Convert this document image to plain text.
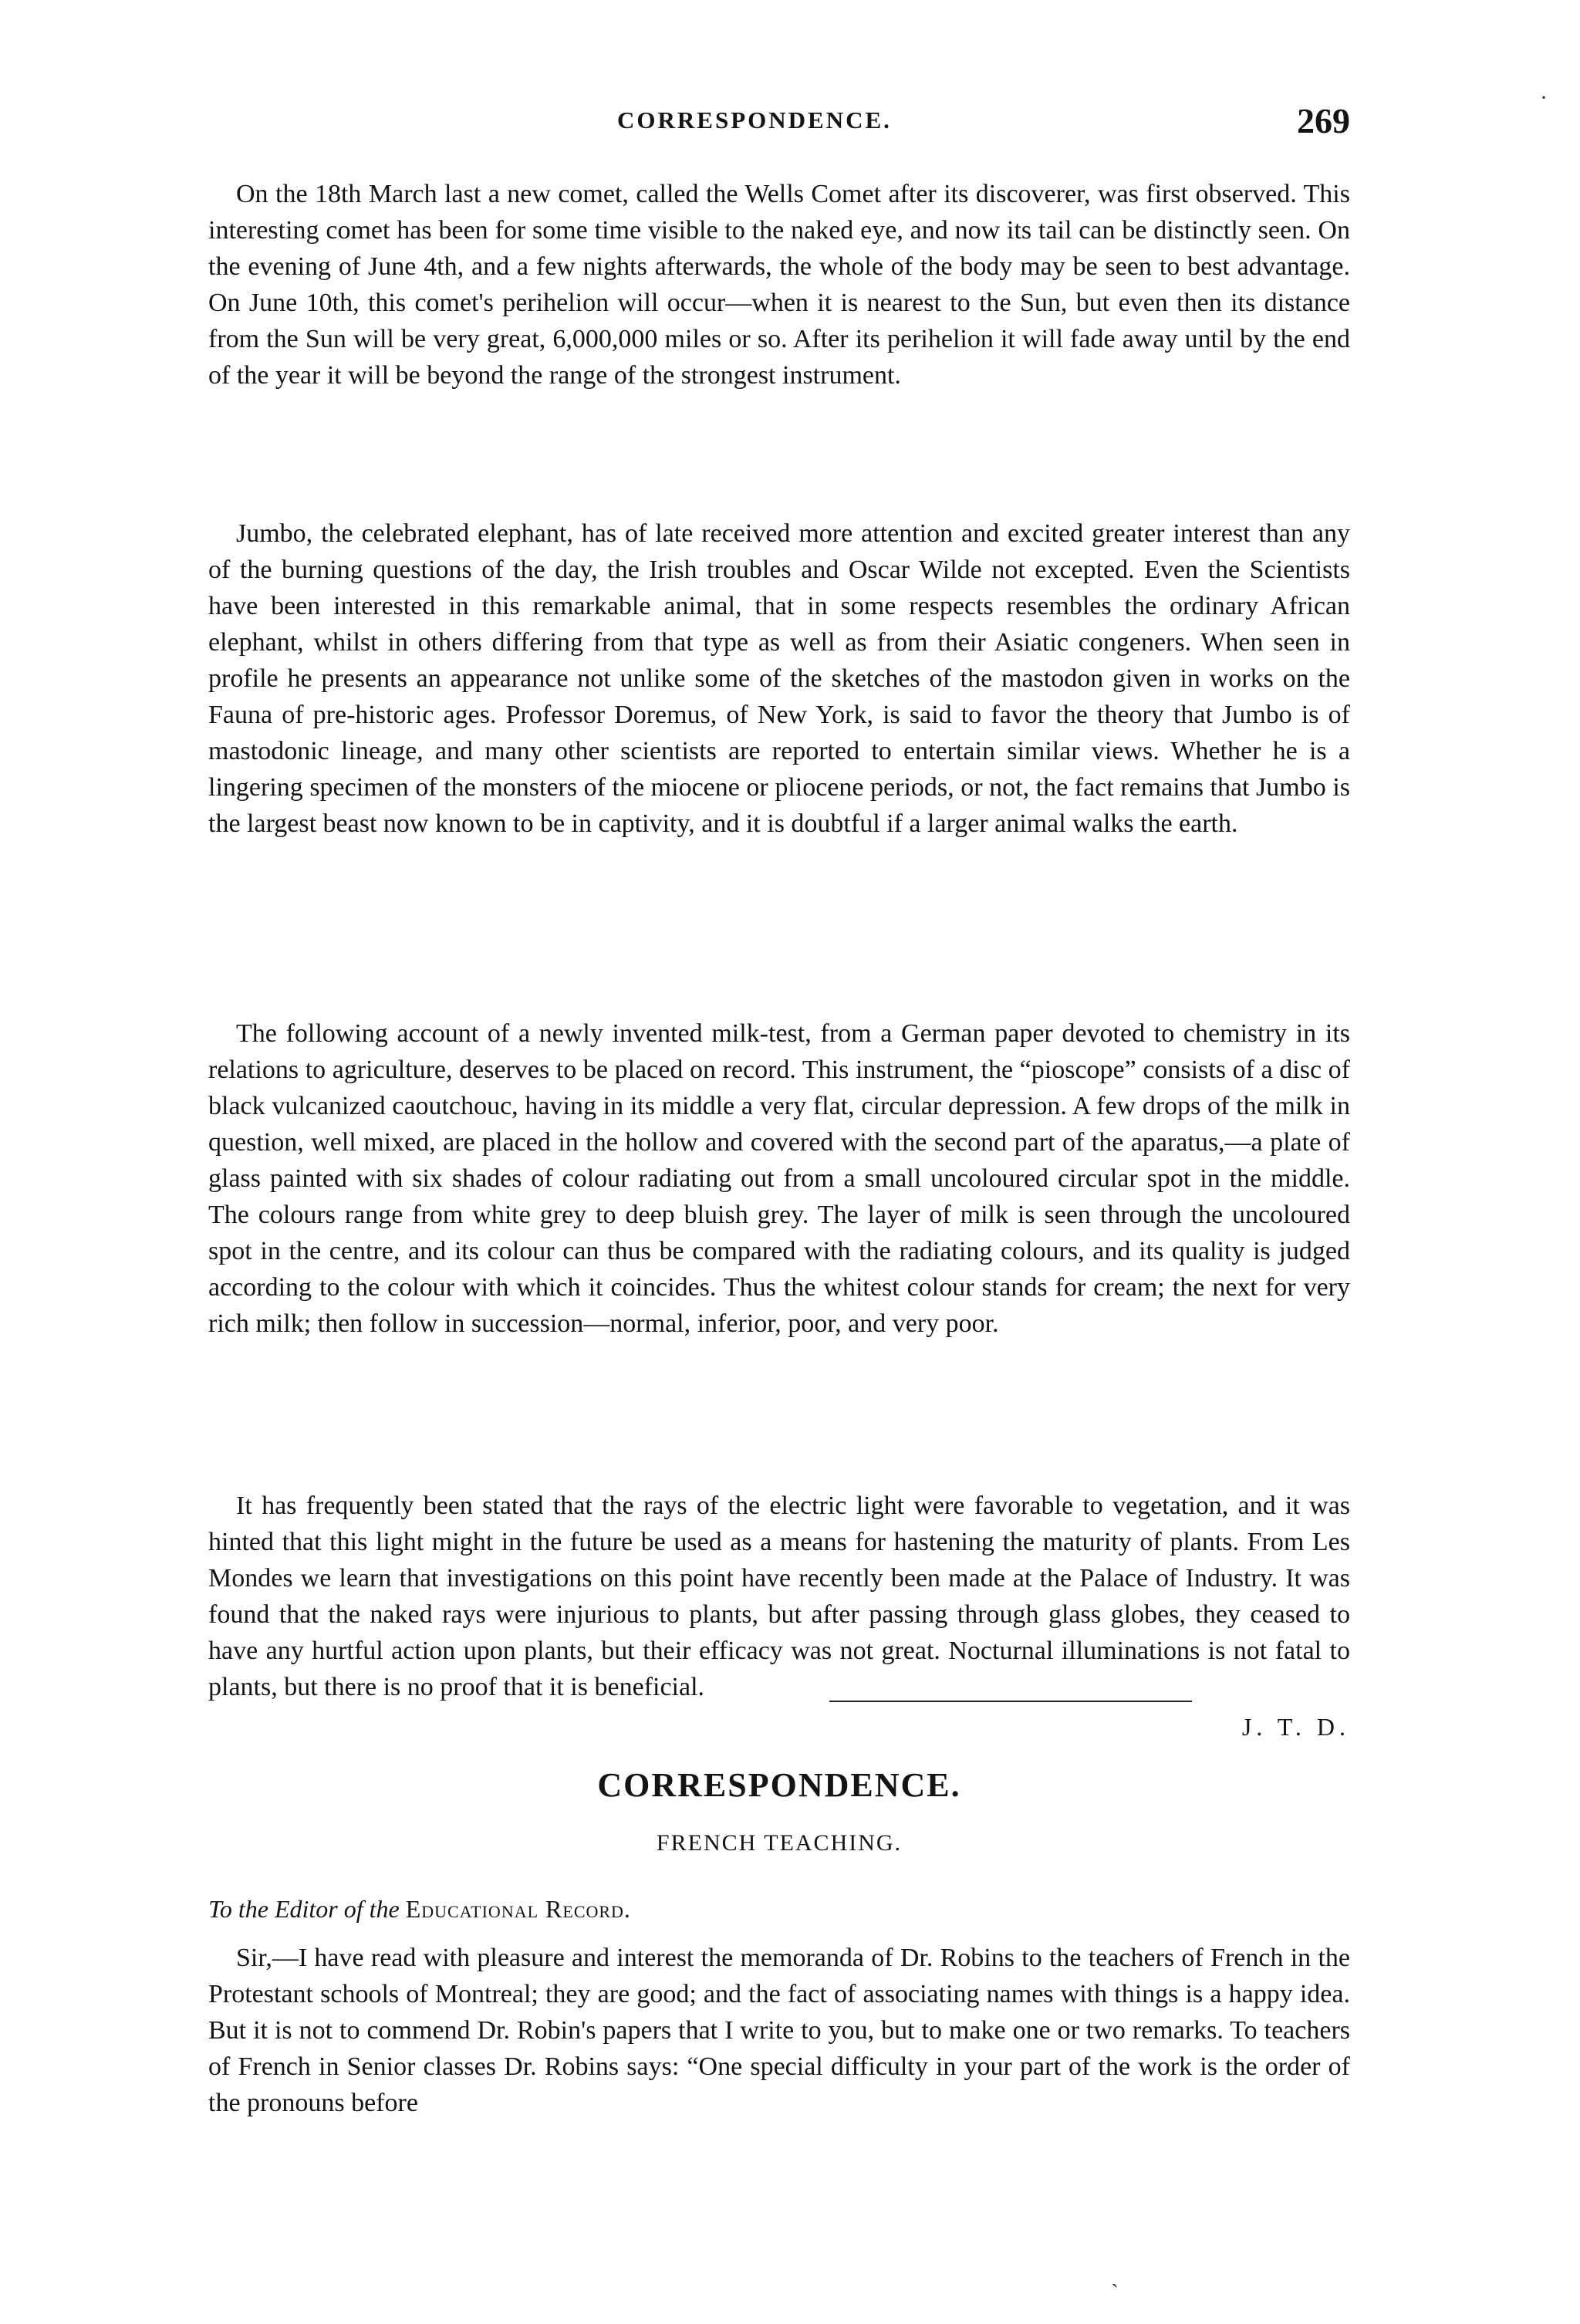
CORRESPONDENCE.	269
·

On the 18th March last a new comet, called the Wells Comet after its discoverer, was first observed. This interesting comet has been for some time visible to the naked eye, and now its tail can be distinctly seen. On the evening of June 4th, and a few nights afterwards, the whole of the body may be seen to best advantage. On June 10th, this comet's perihelion will occur—when it is nearest to the Sun, but even then its distance from the Sun will be very great, 6,000,000 miles or so. After its perihelion it will fade away until by the end of the year it will be beyond the range of the strongest instrument.

Jumbo, the celebrated elephant, has of late received more attention and excited greater interest than any of the burning questions of the day, the Irish troubles and Oscar Wilde not excepted. Even the Scientists have been interested in this remarkable animal, that in some respects resembles the ordinary African elephant, whilst in others differing from that type as well as from their Asiatic congeners. When seen in profile he presents an appearance not unlike some of the sketches of the mastodon given in works on the Fauna of pre-historic ages. Professor Doremus, of New York, is said to favor the theory that Jumbo is of mastodonic lineage, and many other scientists are reported to entertain similar views. Whether he is a lingering specimen of the monsters of the miocene or pliocene periods, or not, the fact remains that Jumbo is the largest beast now known to be in captivity, and it is doubtful if a larger animal walks the earth.

The following account of a newly invented milk-test, from a German paper devoted to chemistry in its relations to agriculture, deserves to be placed on record. This instrument, the “pioscope” consists of a disc of black vulcanized caoutchouc, having in its middle a very flat, circular depression. A few drops of the milk in question, well mixed, are placed in the hollow and covered with the second part of the aparatus,—a plate of glass painted with six shades of colour radiating out from a small uncoloured circular spot in the middle. The colours range from white grey to deep bluish grey. The layer of milk is seen through the uncoloured spot in the centre, and its colour can thus be compared with the radiating colours, and its quality is judged according to the colour with which it coincides. Thus the whitest colour stands for cream; the next for very rich milk; then follow in succession—normal, inferior, poor, and very poor.

It has frequently been stated that the rays of the electric light were favorable to vegetation, and it was hinted that this light might in the future be used as a means for hastening the maturity of plants. From Les Mondes we learn that investigations on this point have recently been made at the Palace of Industry. It was found that the naked rays were injurious to plants, but after passing through glass globes, they ceased to have any hurtful action upon plants, but their efficacy was not great. Nocturnal illuminations is not fatal to plants, but there is no proof that it is beneficial.

J. T. D.
CORRESPONDENCE.
FRENCH TEACHING.
To the Editor of the Educational Record.

Sir,—I have read with pleasure and interest the memoranda of Dr. Robins to the teachers of French in the Protestant schools of Montreal; they are good; and the fact of associating names with things is a happy idea. But it is not to commend Dr. Robin's papers that I write to you, but to make one or two remarks. To teachers of French in Senior classes Dr. Robins says: “One special difficulty in your part of the work is the order of the pronouns before

ˏ
